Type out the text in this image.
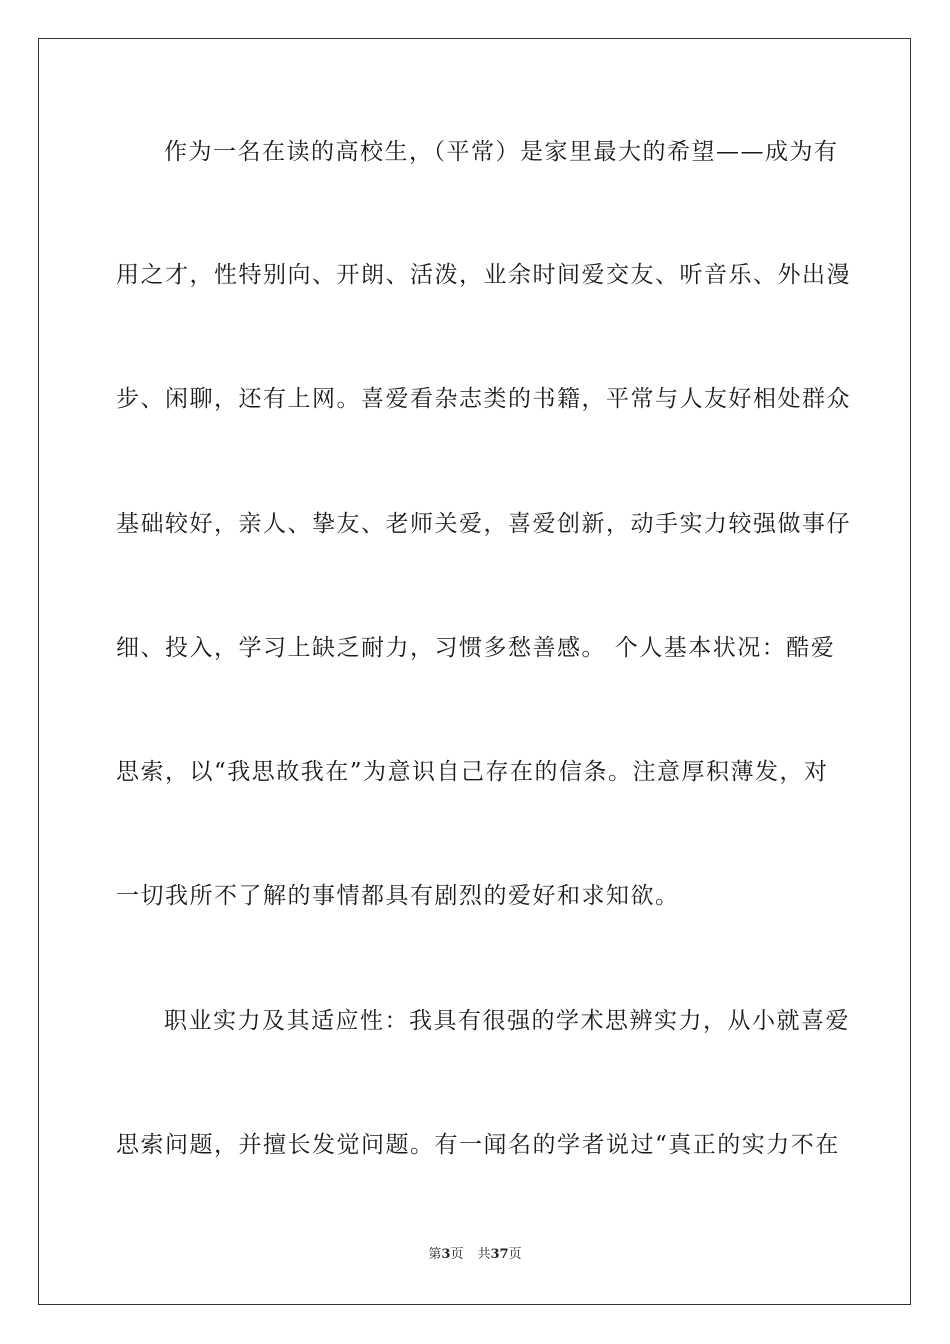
作为一名在读的高校生，（平常）是家里最大的希望——成为有
用之才，性特别向、开朗、活泼，业余时间爱交友、听音乐、外出漫
步、闲聊，还有上网。喜爱看杂志类的书籍，平常与人友好相处群众
基础较好，亲人、挚友、老师关爱，喜爱创新，动手实力较强做事仔
细、投入，学习上缺乏耐力，习惯多愁善感。 个人基本状况：酷爱
思索，以“我思故我在”为意识自己存在的信条。注意厚积薄发，对
一切我所不了解的事情都具有剧烈的爱好和求知欲。
职业实力及其适应性：我具有很强的学术思辨实力，从小就喜爱
思索问题，并擅长发觉问题。有一闻名的学者说过“真正的实力不在
第3页 共37页
